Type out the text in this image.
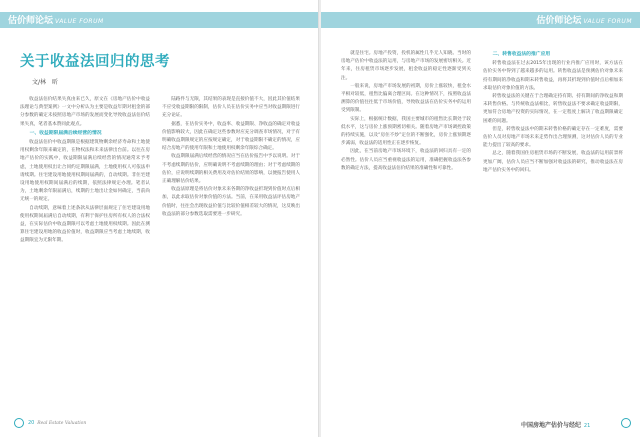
估价师论坛 VALUE FORUM
关于收益法回归的思考
文/林　昕

收益法估价结果失真由来已久，原文在《房地产估价中收益法理论与典型案例》一文中分析认为主要是收益年期对租金的部分参数的确定未按照房地产市场的发展而变化导致收益法估价结果失真，笔者基本赞同此观点。

一、收益期限届满后续经营的情况

收益法估价中收益期限是根据建筑物剩余经济寿命和土地使用权剩余年限来确定的，在物权法和未来法律出台前。以往在房地产估价的实践中，收益期限届满后续经营的情况通常未予考虑，土地使用权出让合同约定期限届满，土地使用权人可依法申请续期。住宅建设用地使用权期间届满的，自动续期。非住宅建设用地使用权期间届满后的续期，依照法律规定办理。笔者认为，土地剩余年限届满后，续期的土地出让金如何确定，当前尚无统一的规定。

自动续期，意味着上述条款从法律层面规定了住宅建设用地使用权期间届满后自动续期，有利于保护住房所有权人的合法权益，在实际估价中收益期限可以考虑土地使用权续期。因此在测算住宅建设用地的收益价值时，收益期限应当考虑土地续期，收益期限宜为无限年期。

陆路件与无限，其结果的表现是直接价值不大，因此其价值结果不应受收益期限的限制，估价人员在估价实务中应当对收益期限进行充分论证。

据悉，在估价实务中，收益率、收益期限、净收益的确定对收益价值影响较大，因此在确定这些参数时应充分调查市场情况，对于有明确收益期限规定的应按规定确定，对于收益期限不确定的情况，应结合房地产的使用年限和土地使用权剩余年限综合确定。

收益期限届满后续经营的情况应当在估价报告中予以说明。对于不考虑续期的估价，应明确说明不考虑续期的理由；对于考虑续期的估价，应说明续期的相关费用及对估价结果的影响，以便报告使用人正确理解估价结果。

收益法原理是将估价对象未来各期的净收益折现到价值时点后相加，以此求取估价对象价值的方法。当前，在采用收益法评估房地产价值时，往往会出现收益价值与比较价值相差较大的情况，这反映出收益法的部分参数选取需要进一步研究。

20 Real Estate Valuation
估价师论坛 VALUE FORUM

就是住宅。房地产投资，投机的属性几乎无人知晓。当时的房地产估价中收益法的运用，与房地产市场的发展密切相关。近年来，住房租赁市场逐步发展，租金收益的稳定性逐渐受到关注。

一般来说，房地产市场发展的初期，房价上涨较快，租金水平相对较低，租售比偏离合理区间。在这种情况下，按照收益法测算的价值往往低于市场价值，导致收益法在估价实务中的运用受到限制。

实际上，根据统计数据，我国主要城市的租售比长期处于较低水平，这与房价上涨预期密切相关。随着房地产市场调控政策的持续实施，以及“房住不炒”定位的不断强化，房价上涨预期逐步减弱，收益法的适用性正在逐步恢复。

因此，在当前房地产市场环境下，收益法的回归具有一定的必然性。估价人员应当重视收益法的运用，准确把握收益法各参数的确定方法，提高收益法估价结果的准确性和可靠性。

二、转售收益法的推广应用

转售收益法在过去2015年出现的行业内推广应用时，该方法在估价实务中得到了越来越多的运用。转售收益法是预测估价对象未来持有期间的净收益和期末转售收益，再将其折现到价值时点后相加来求取估价对象价值的方法。

转售收益法的关键在于合理确定持有期、持有期间的净收益和期末转售价格。与传统收益法相比，转售收益法不要求确定收益期限，更加符合房地产投资的实际情况，在一定程度上解决了收益期限确定困难的问题。

但是，转售收益法中的期末转售价格的确定存在一定难度，需要估价人员对房地产市场未来走势作出合理预测，这对估价人员的专业能力提出了较高的要求。

总之，随着我国住房租赁市场的不断发展，收益法的运用前景将更加广阔，估价人员应当不断加强对收益法的研究，推动收益法在房地产估价实务中的回归。

中国房地产估价与经纪 21
